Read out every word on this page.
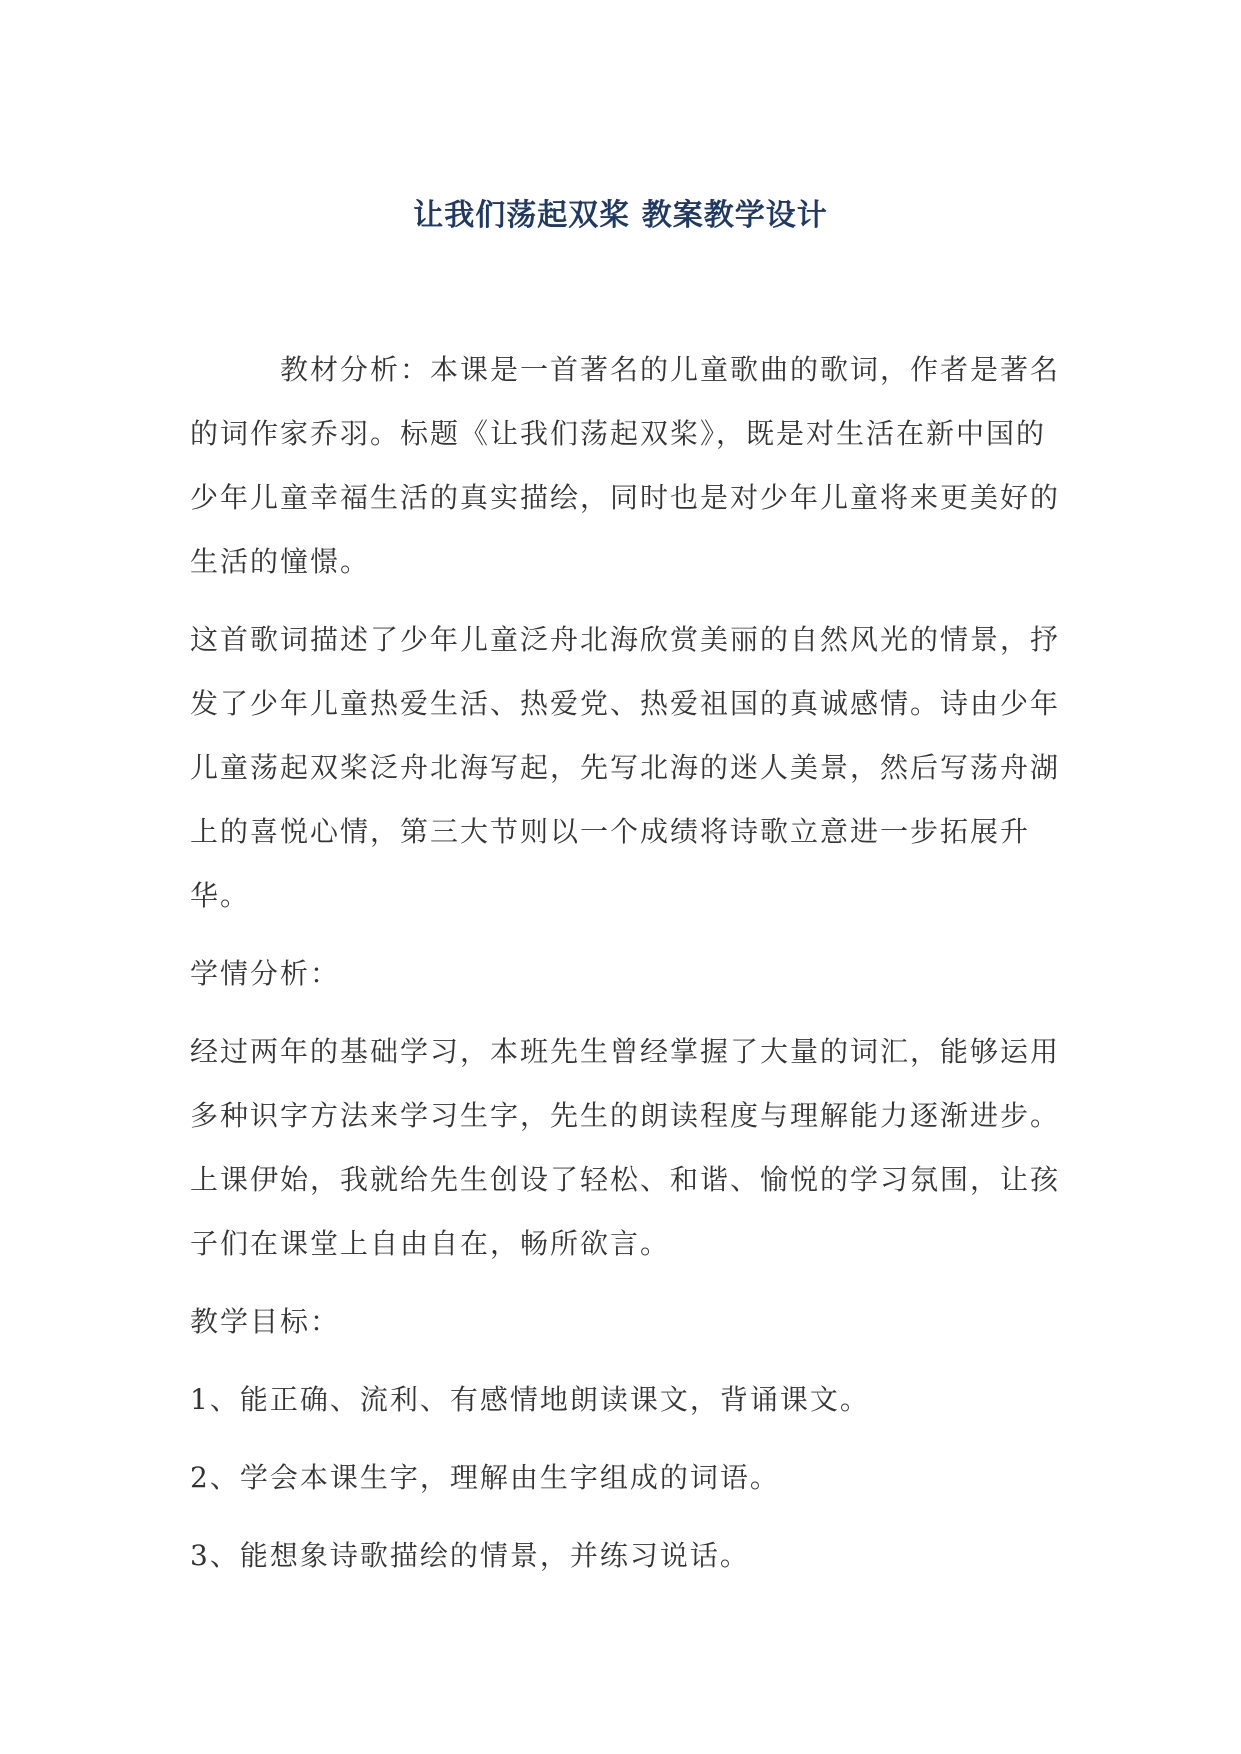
让我们荡起双桨 教案教学设计

教材分析：本课是一首著名的儿童歌曲的歌词，作者是著名的词作家乔羽。标题《让我们荡起双桨》，既是对生活在新中国的少年儿童幸福生活的真实描绘，同时也是对少年儿童将来更美好的生活的憧憬。

这首歌词描述了少年儿童泛舟北海欣赏美丽的自然风光的情景，抒发了少年儿童热爱生活、热爱党、热爱祖国的真诚感情。诗由少年儿童荡起双桨泛舟北海写起，先写北海的迷人美景，然后写荡舟湖上的喜悦心情，第三大节则以一个成绩将诗歌立意进一步拓展升华。

学情分析：

经过两年的基础学习，本班先生曾经掌握了大量的词汇，能够运用多种识字方法来学习生字，先生的朗读程度与理解能力逐渐进步。上课伊始，我就给先生创设了轻松、和谐、愉悦的学习氛围，让孩子们在课堂上自由自在，畅所欲言。

教学目标：

1、能正确、流利、有感情地朗读课文，背诵课文。

2、学会本课生字，理解由生字组成的词语。

3、能想象诗歌描绘的情景，并练习说话。
